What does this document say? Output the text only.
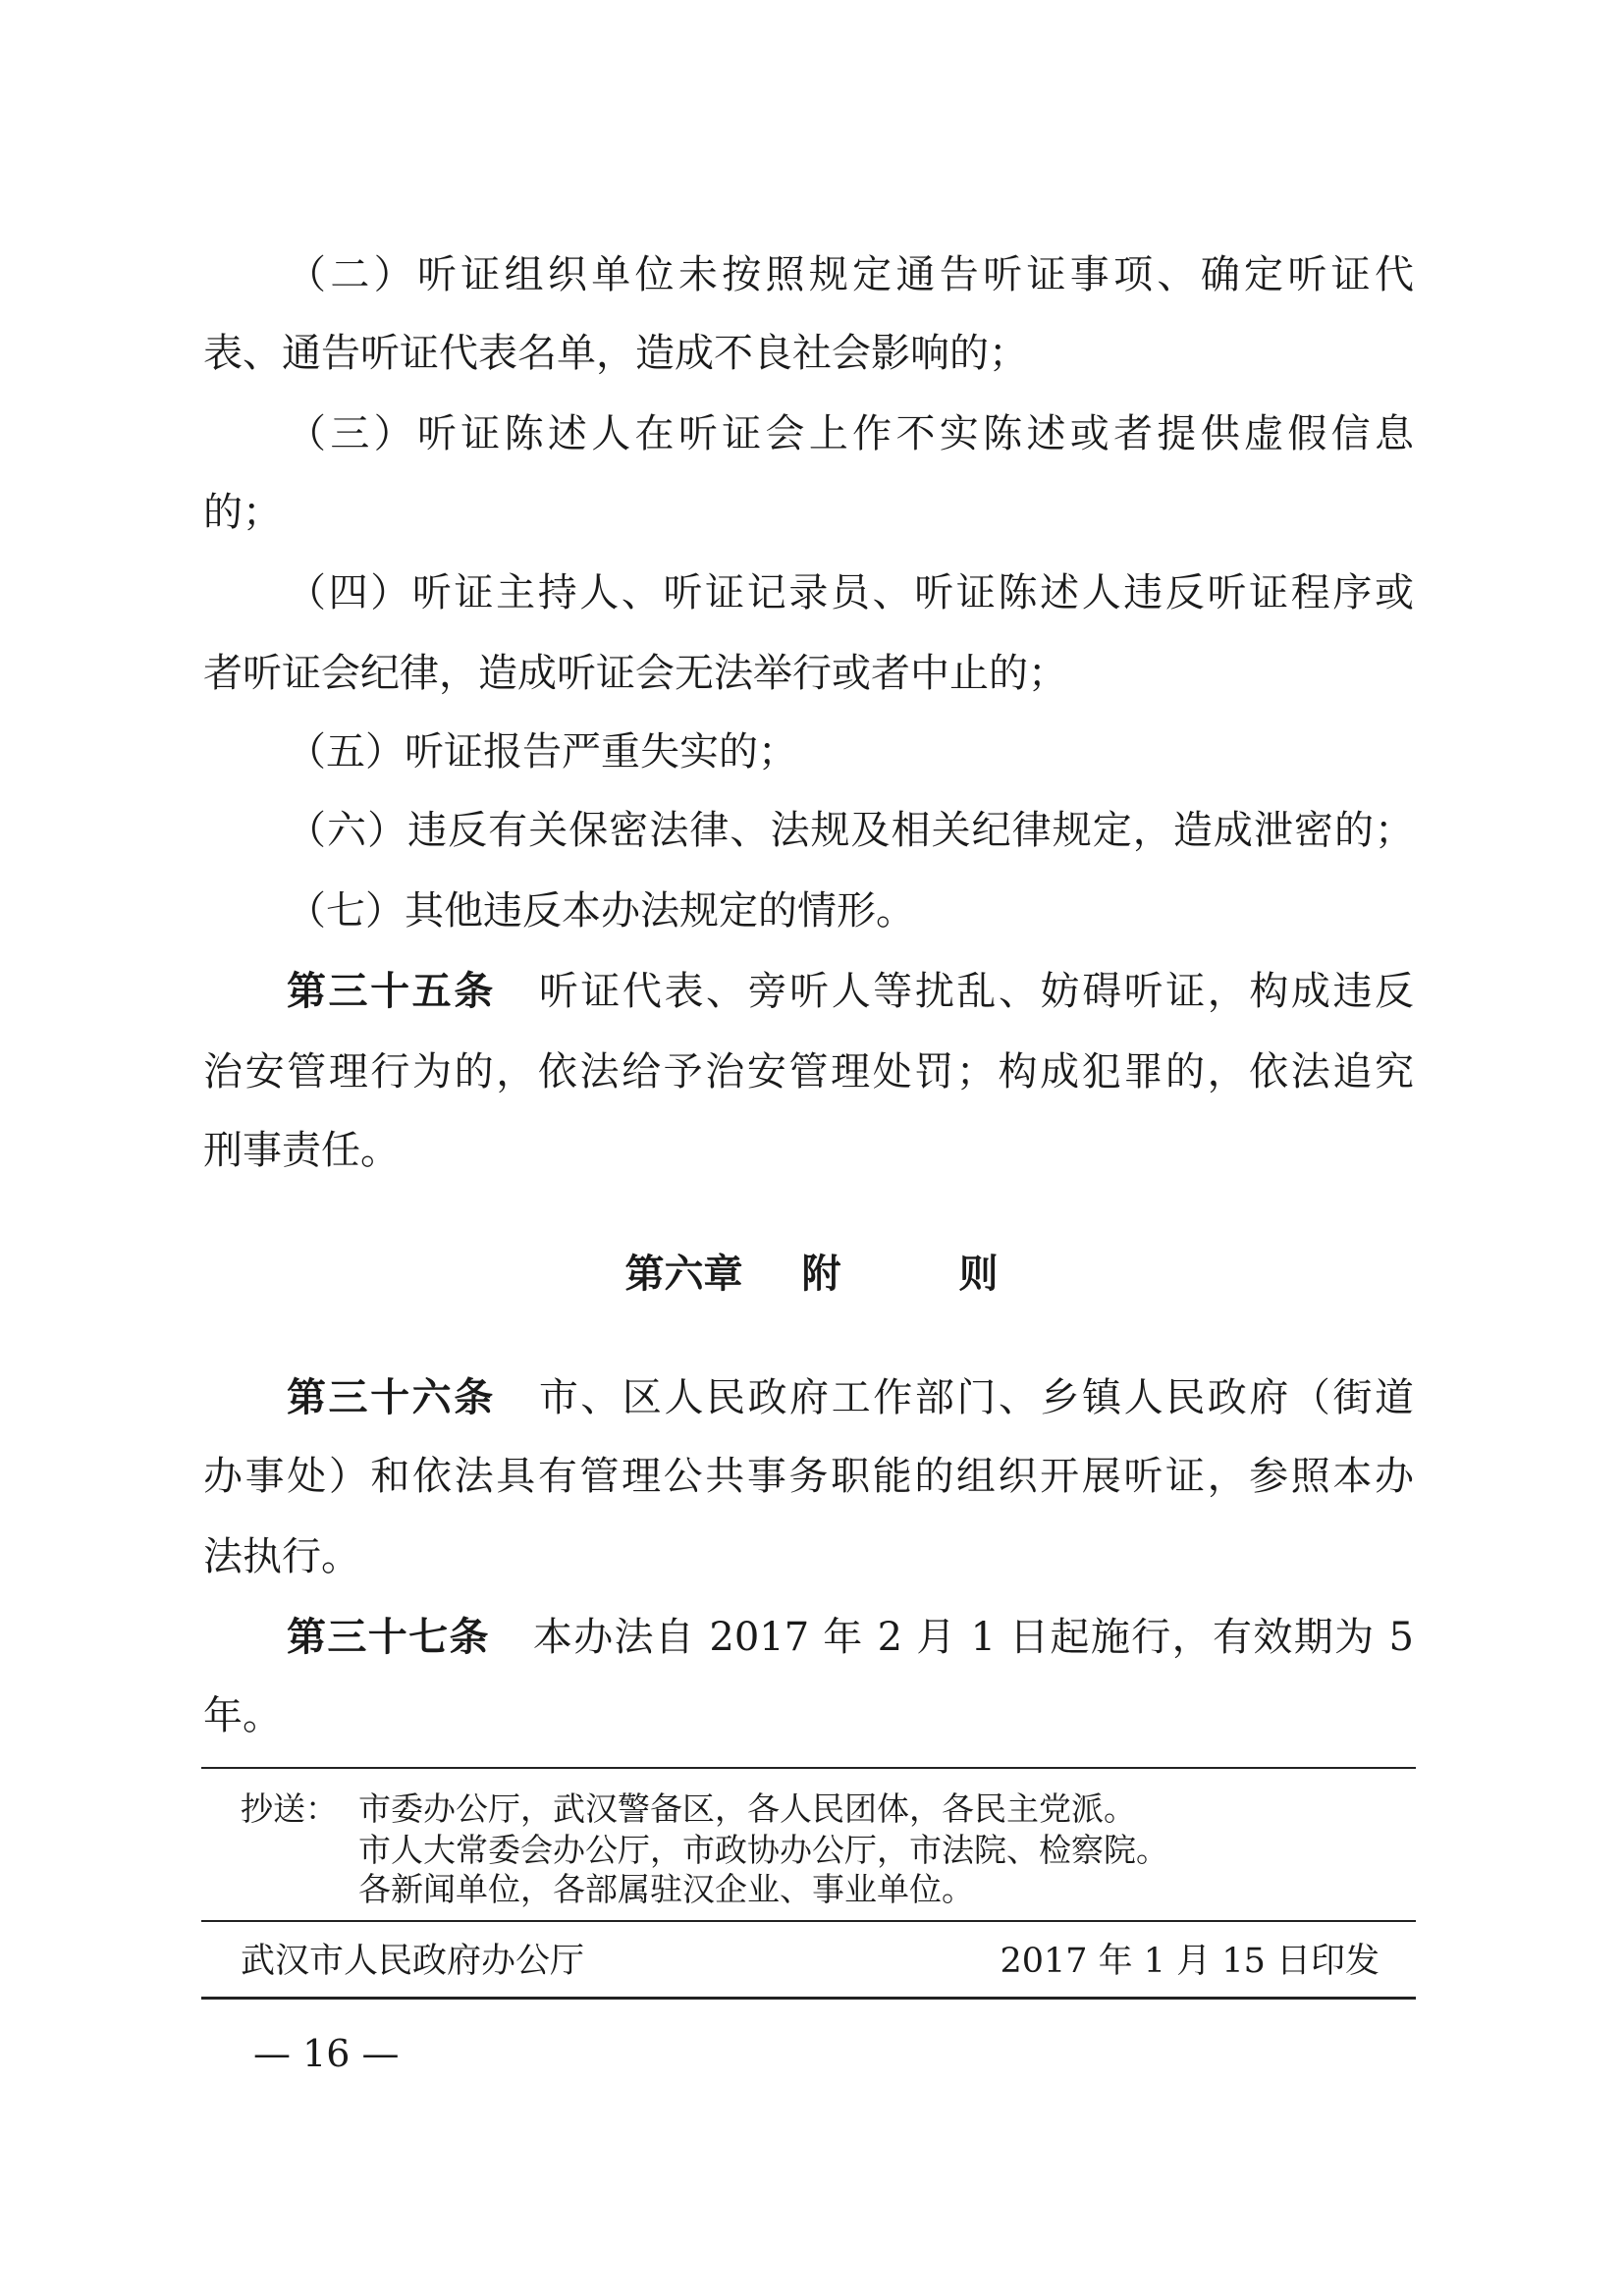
（二）听证组织单位未按照规定通告听证事项、确定听证代
表、通告听证代表名单，造成不良社会影响的；
（三）听证陈述人在听证会上作不实陈述或者提供虚假信息
的；
（四）听证主持人、听证记录员、听证陈述人违反听证程序或
者听证会纪律，造成听证会无法举行或者中止的；
（五）听证报告严重失实的；
（六）违反有关保密法律、法规及相关纪律规定，造成泄密的；
（七）其他违反本办法规定的情形。
第三十五条 听证代表、旁听人等扰乱、妨碍听证，构成违反
治安管理行为的，依法给予治安管理处罚；构成犯罪的，依法追究
刑事责任。
第六章 附	则
第三十六条 市、区人民政府工作部门、乡镇人民政府（街道
办事处）和依法具有管理公共事务职能的组织开展听证，参照本办
法执行。
第三十七条 本办法自 2017 年 2 月 1 日起施行，有效期为 5
年。
抄送： 市委办公厅，武汉警备区，各人民团体，各民主党派。
市人大常委会办公厅，市政协办公厅，市法院、检察院。
各新闻单位，各部属驻汉企业、事业单位。
武汉市人民政府办公厅	2017 年 1 月 15 日印发
— 16 —
